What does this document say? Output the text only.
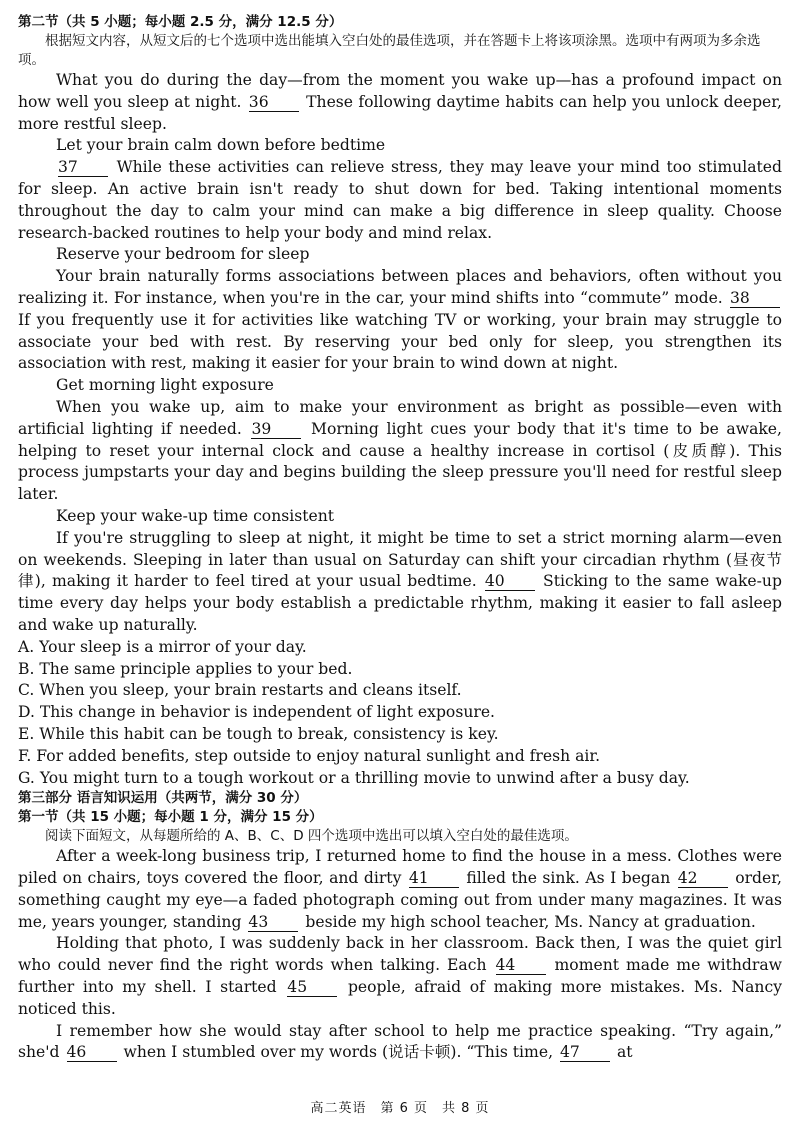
第二节（共 5 小题；每小题 2.5 分，满分 12.5 分）
根据短文内容，从短文后的七个选项中选出能填入空白处的最佳选项，并在答题卡上将该项涂黑。选项中有两项为多余选项。
What you do during the day—from the moment you wake up—has a profound impact on how well you sleep at night. 36 These following daytime habits can help you unlock deeper, more restful sleep.
Let your brain calm down before bedtime
37 While these activities can relieve stress, they may leave your mind too stimulated for sleep. An active brain isn't ready to shut down for bed. Taking intentional moments throughout the day to calm your mind can make a big difference in sleep quality. Choose research-backed routines to help your body and mind relax.
Reserve your bedroom for sleep
Your brain naturally forms associations between places and behaviors, often without you realizing it. For instance, when you're in the car, your mind shifts into “commute” mode. 38 If you frequently use it for activities like watching TV or working, your brain may struggle to associate your bed with rest. By reserving your bed only for sleep, you strengthen its association with rest, making it easier for your brain to wind down at night.
Get morning light exposure
When you wake up, aim to make your environment as bright as possible—even with artificial lighting if needed. 39	Morning light cues your body that it's time to be awake, helping to reset your internal clock and cause a healthy increase in cortisol (皮质醇). This process jumpstarts your day and begins building the sleep pressure you'll need for restful sleep later.
Keep your wake-up time consistent
If you're struggling to sleep at night, it might be time to set a strict morning alarm—even on weekends. Sleeping in later than usual on Saturday can shift your circadian rhythm (昼夜节律), making it harder to feel tired at your usual bedtime. 40 Sticking to the same wake-up time every day helps your body establish a predictable rhythm, making it easier to fall asleep and wake up naturally.
A. Your sleep is a mirror of your day.
B. The same principle applies to your bed.
C. When you sleep, your brain restarts and cleans itself.
D. This change in behavior is independent of light exposure.
E. While this habit can be tough to break, consistency is key.
F. For added benefits, step outside to enjoy natural sunlight and fresh air.
G. You might turn to a tough workout or a thrilling movie to unwind after a busy day.
第三部分 语言知识运用（共两节，满分 30 分）
第一节（共 15 小题；每小题 1 分，满分 15 分）
阅读下面短文，从每题所给的 A、B、C、D 四个选项中选出可以填入空白处的最佳选项。
After a week-long business trip, I returned home to find the house in a mess. Clothes were piled on chairs, toys covered the floor, and dirty 41 filled the sink. As I began 42 order, something caught my eye—a faded photograph coming out from under many magazines. It was me, years younger, standing 43 beside my high school teacher, Ms. Nancy at graduation.
Holding that photo, I was suddenly back in her classroom. Back then, I was the quiet girl who could never find the right words when talking. Each 44	moment made me withdraw further into my shell. I started 45	people, afraid of making more mistakes. Ms. Nancy noticed this.
I remember how she would stay after school to help me practice speaking. “Try again,” she'd 46 when I stumbled over my words (说话卡顿). “This time, 47 at
高二英语　第 6 页　共 8 页
